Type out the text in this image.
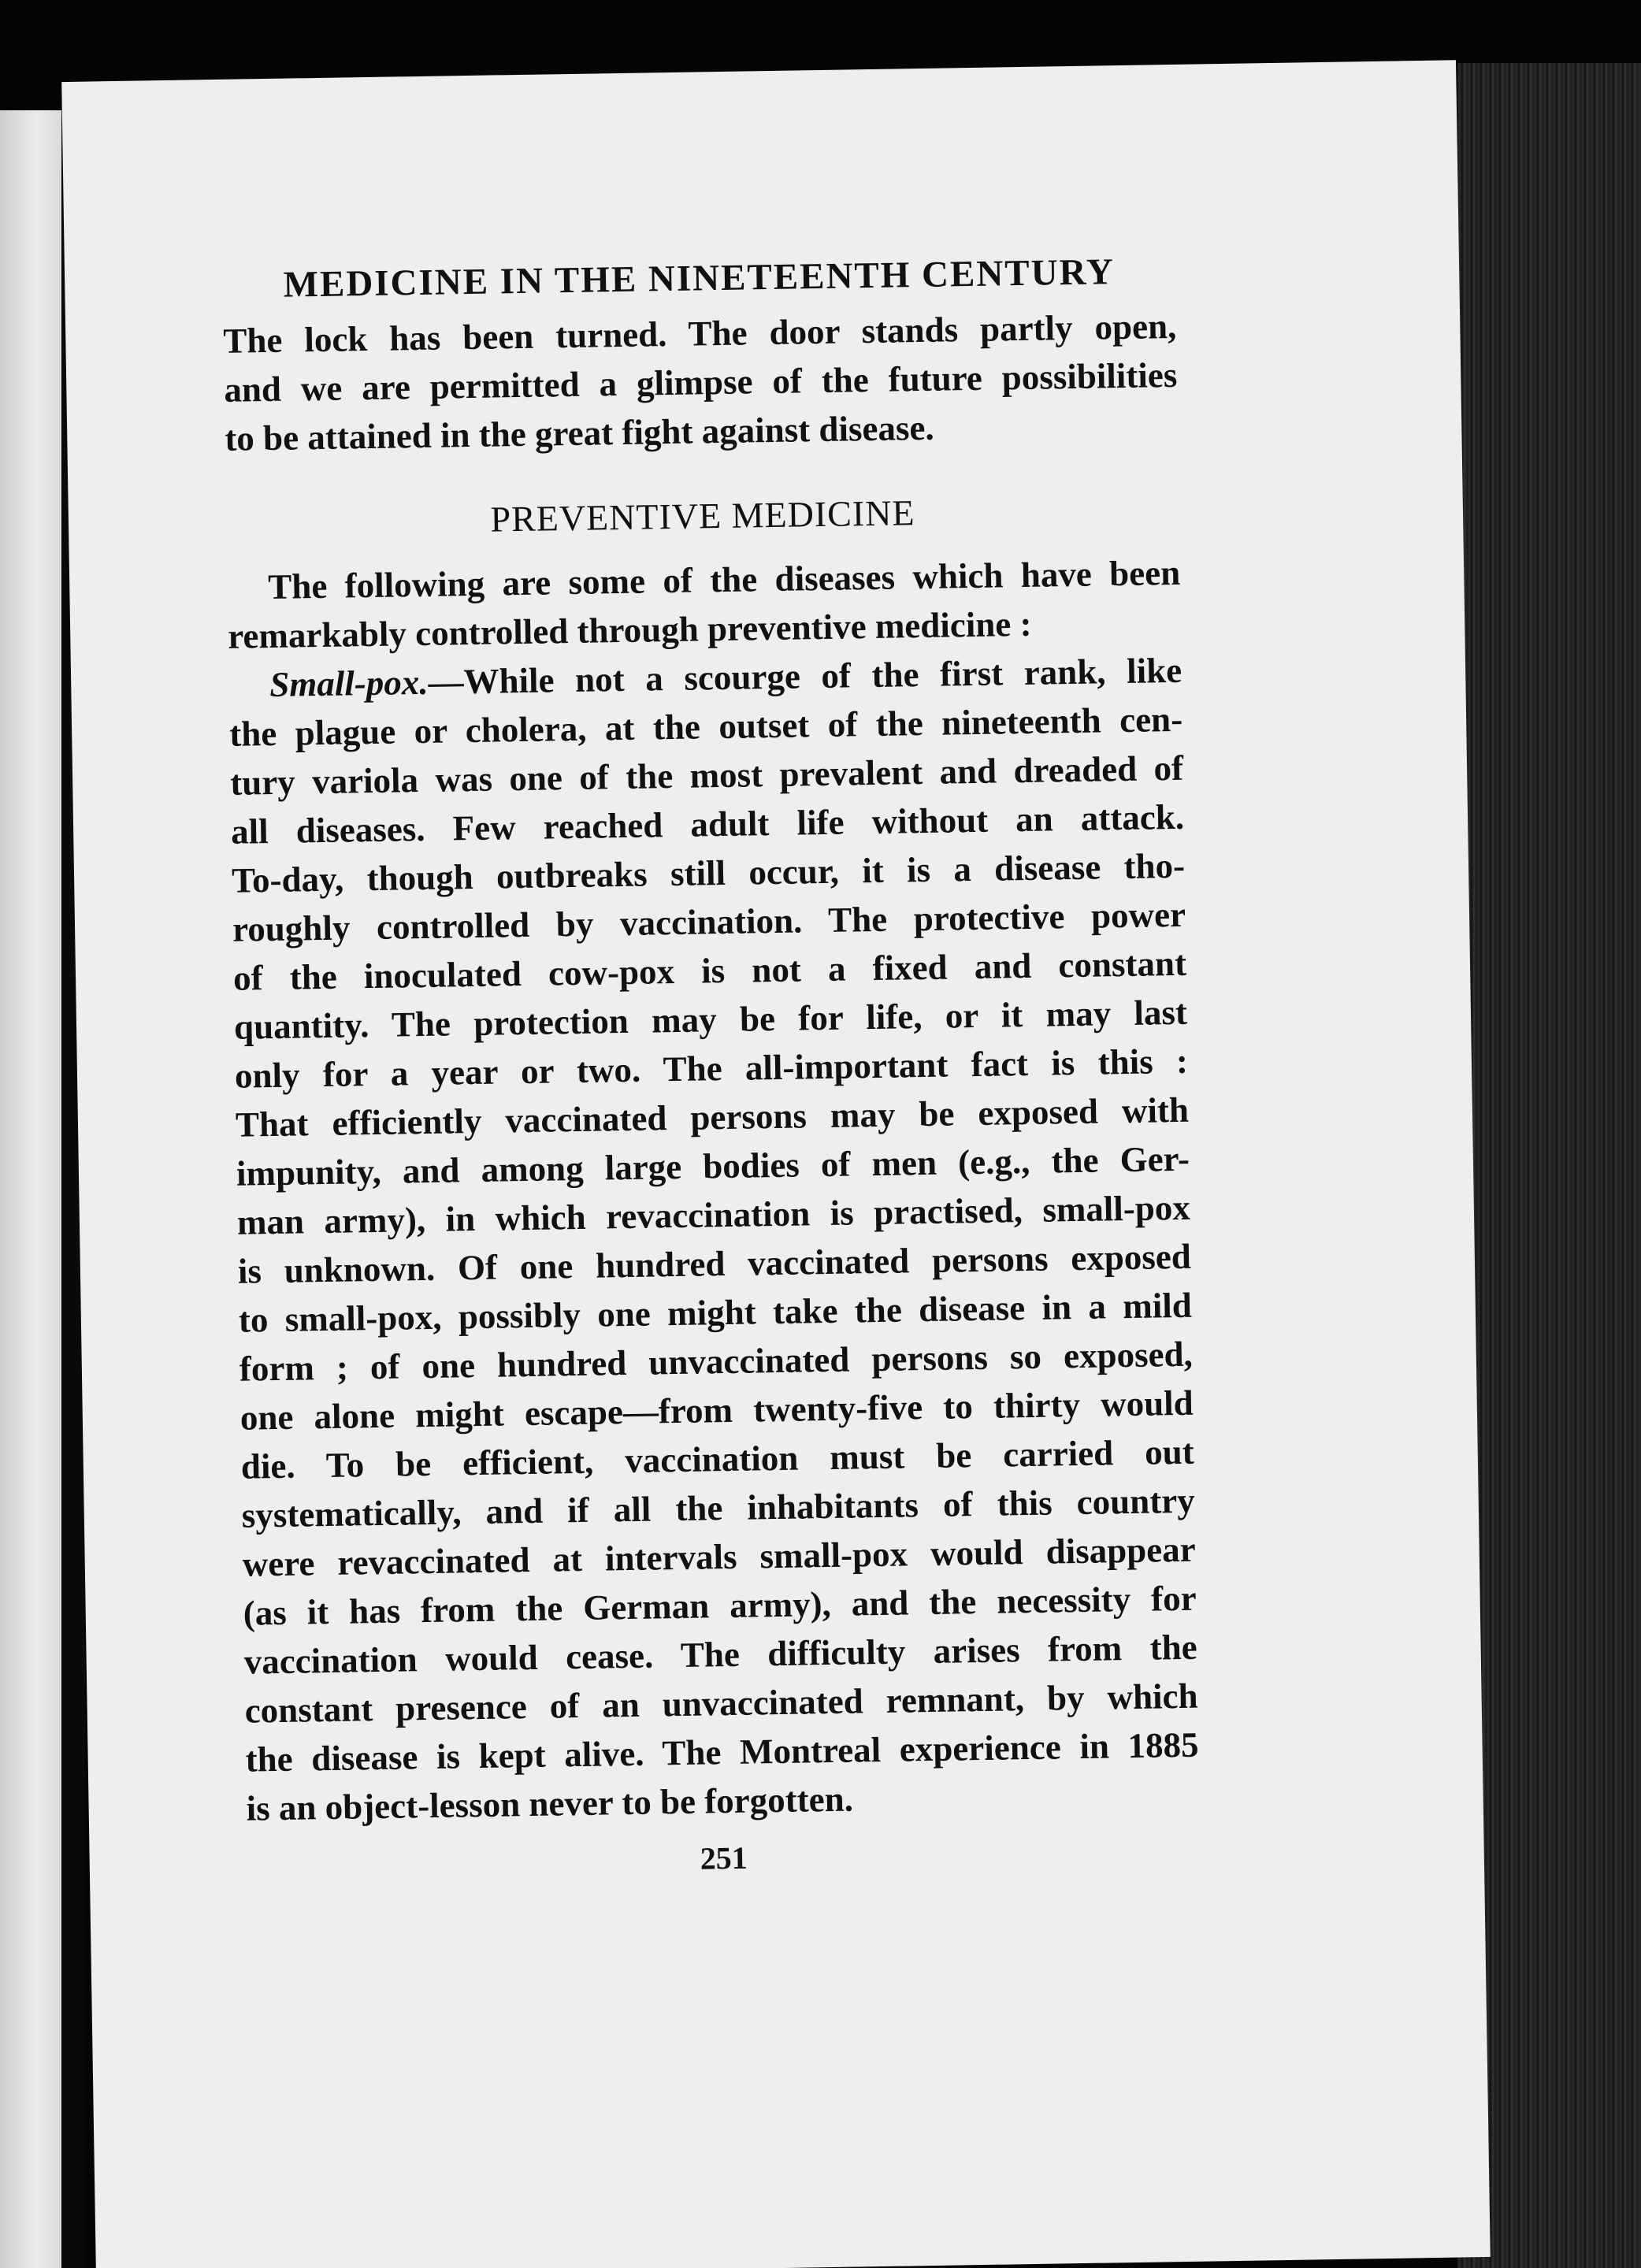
MEDICINE IN THE NINETEENTH CENTURY
The lock has been turned. The door stands partly open,
and we are permitted a glimpse of the future possibilities
to be attained in the great fight against disease.
PREVENTIVE MEDICINE
The following are some of the diseases which have been
remarkably controlled through preventive medicine :
Small-pox.—While not a scourge of the first rank, like
the plague or cholera, at the outset of the nineteenth cen-
tury variola was one of the most prevalent and dreaded of
all diseases. Few reached adult life without an attack.
To-day, though outbreaks still occur, it is a disease tho-
roughly controlled by vaccination. The protective power
of the inoculated cow-pox is not a fixed and constant
quantity. The protection may be for life, or it may last
only for a year or two. The all-important fact is this :
That efficiently vaccinated persons may be exposed with
impunity, and among large bodies of men (e.g., the Ger-
man army), in which revaccination is practised, small-pox
is unknown. Of one hundred vaccinated persons exposed
to small-pox, possibly one might take the disease in a mild
form ; of one hundred unvaccinated persons so exposed,
one alone might escape—from twenty-five to thirty would
die. To be efficient, vaccination must be carried out
systematically, and if all the inhabitants of this country
were revaccinated at intervals small-pox would disappear
(as it has from the German army), and the necessity for
vaccination would cease. The difficulty arises from the
constant presence of an unvaccinated remnant, by which
the disease is kept alive. The Montreal experience in 1885
is an object-lesson never to be forgotten.
251
